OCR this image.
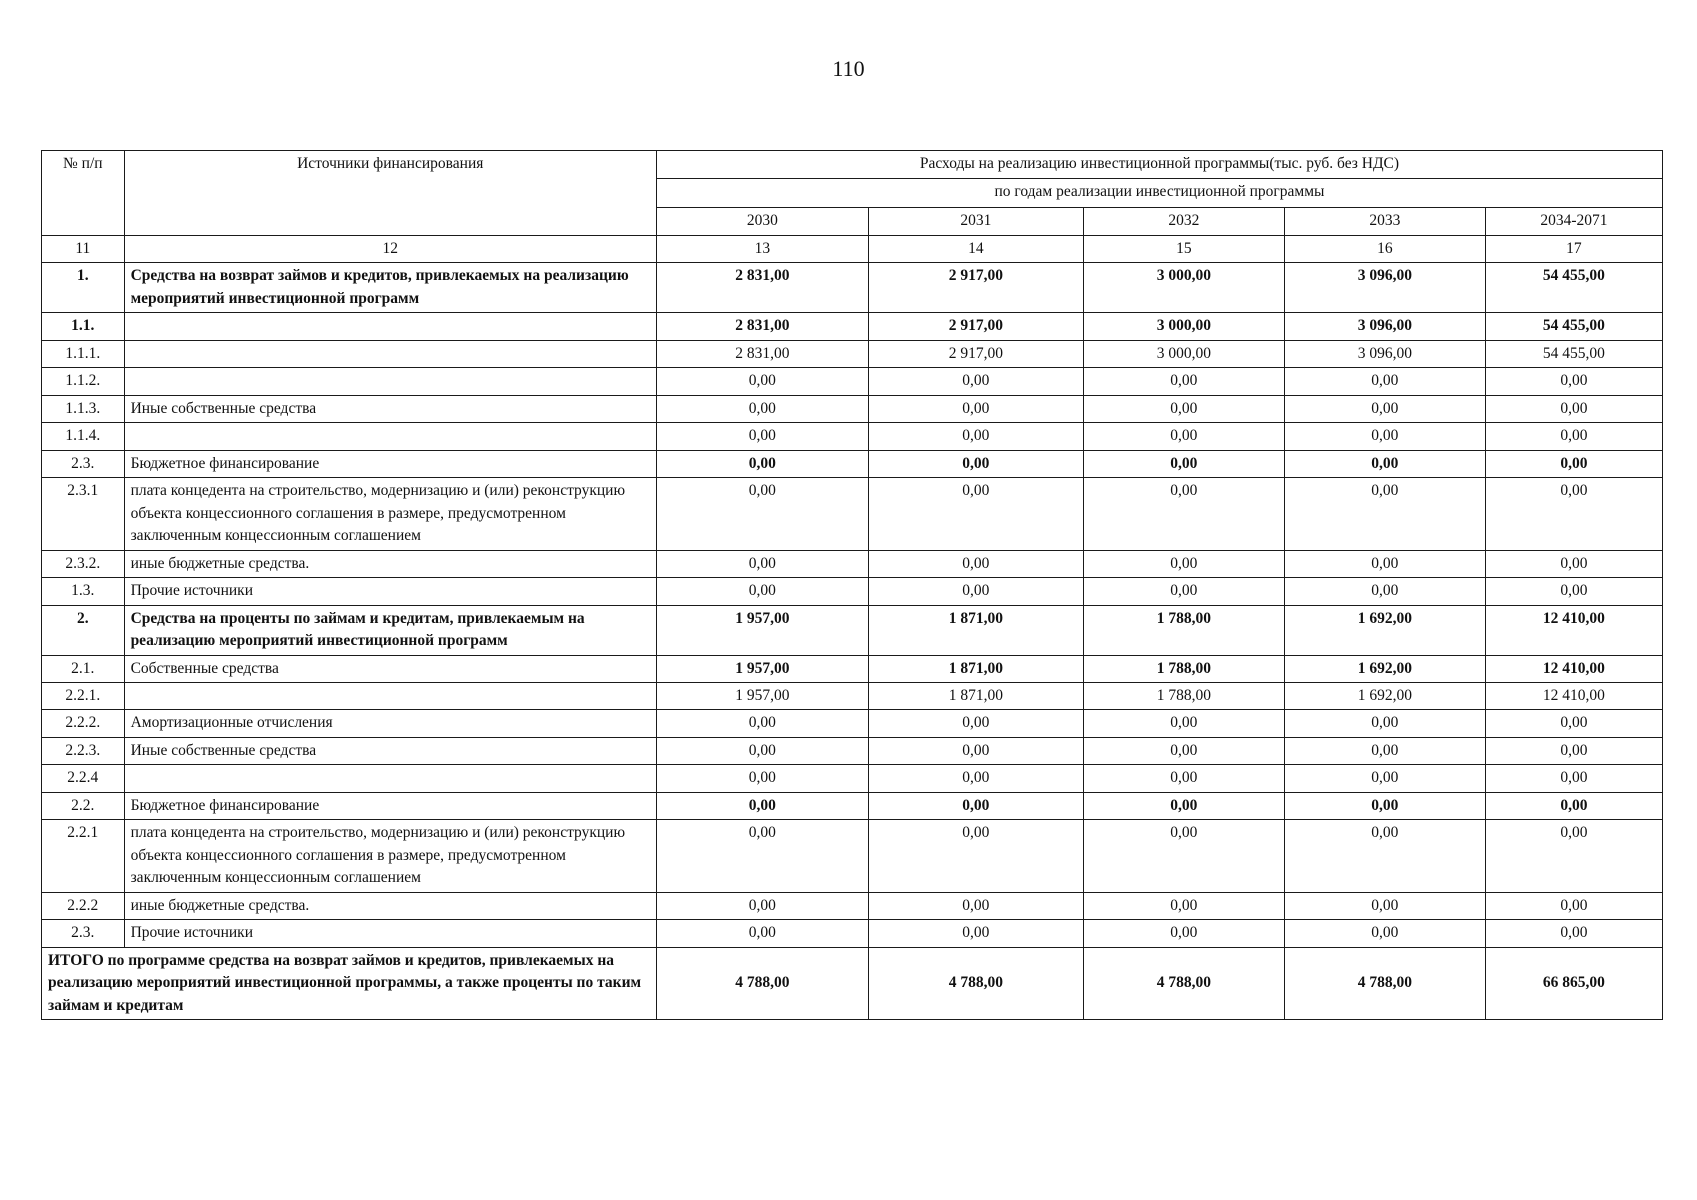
110
№ п/п	Источники финансирования	Расходы на реализацию инвестиционной программы(тыс. руб. без НДС)				
		по годам реализации инвестиционной программы				
		2030	2031	2032	2033	2034-2071
11	12	13	14	15	16	17
1.	Средства на возврат займов и кредитов, привлекаемых на реализацию мероприятий инвестиционной программ	2 831,00	2 917,00	3 000,00	3 096,00	54 455,00
1.1.		2 831,00	2 917,00	3 000,00	3 096,00	54 455,00
1.1.1.		2 831,00	2 917,00	3 000,00	3 096,00	54 455,00
1.1.2.		0,00	0,00	0,00	0,00	0,00
1.1.3.	Иные собственные средства	0,00	0,00	0,00	0,00	0,00
1.1.4.		0,00	0,00	0,00	0,00	0,00
2.3.	Бюджетное финансирование	0,00	0,00	0,00	0,00	0,00
2.3.1	плата концедента на строительство, модернизацию и (или) реконструкцию объекта концессионного соглашения в размере, предусмотренном заключенным концессионным соглашением	0,00	0,00	0,00	0,00	0,00
2.3.2.	иные бюджетные средства.	0,00	0,00	0,00	0,00	0,00
1.3.	Прочие источники	0,00	0,00	0,00	0,00	0,00
2.	Средства на проценты по займам и кредитам, привлекаемым на реализацию мероприятий инвестиционной программ	1 957,00	1 871,00	1 788,00	1 692,00	12 410,00
2.1.	Собственные средства	1 957,00	1 871,00	1 788,00	1 692,00	12 410,00
2.2.1.		1 957,00	1 871,00	1 788,00	1 692,00	12 410,00
2.2.2.	Амортизационные отчисления	0,00	0,00	0,00	0,00	0,00
2.2.3.	Иные собственные средства	0,00	0,00	0,00	0,00	0,00
2.2.4		0,00	0,00	0,00	0,00	0,00
2.2.	Бюджетное финансирование	0,00	0,00	0,00	0,00	0,00
2.2.1	плата концедента на строительство, модернизацию и (или) реконструкцию объекта концессионного соглашения в размере, предусмотренном заключенным концессионным соглашением	0,00	0,00	0,00	0,00	0,00
2.2.2	иные бюджетные средства.	0,00	0,00	0,00	0,00	0,00
2.3.	Прочие источники	0,00	0,00	0,00	0,00	0,00
ИТОГО по программе средства на возврат займов и кредитов, привлекаемых на реализацию мероприятий инвестиционной программы, а также проценты по таким займам и кредитам		4 788,00	4 788,00	4 788,00	4 788,00	66 865,00
